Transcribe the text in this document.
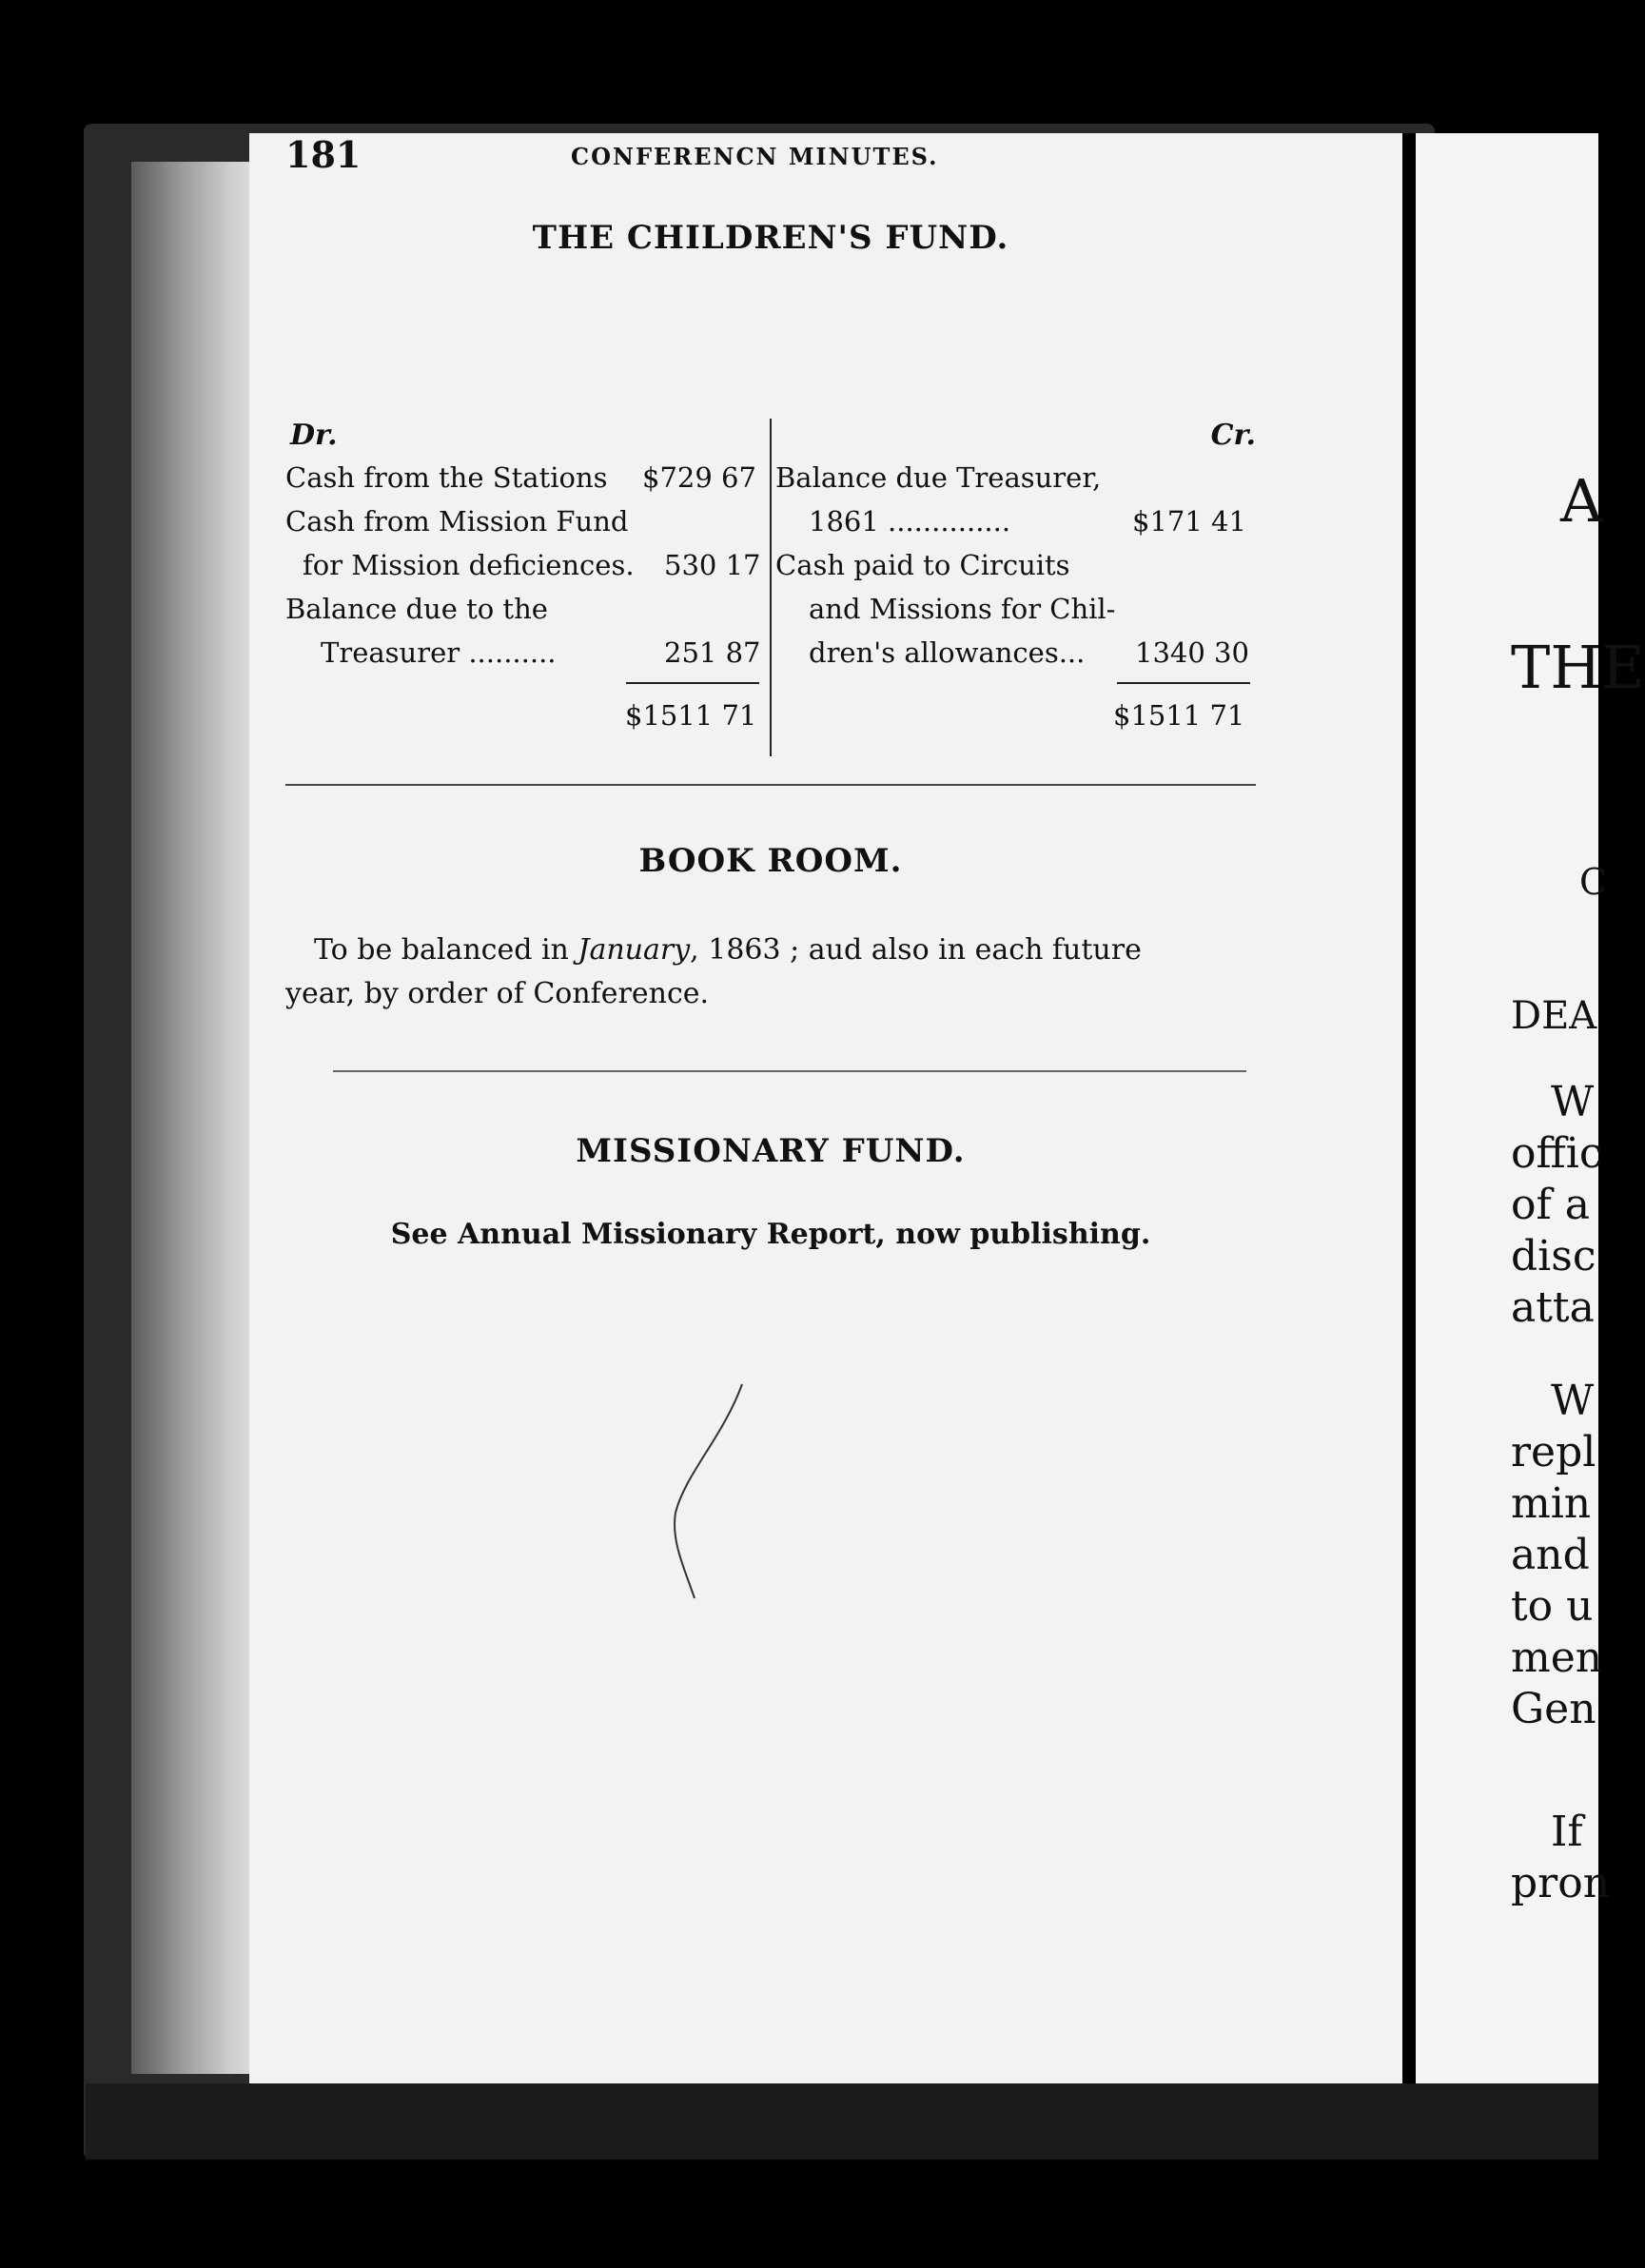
181	CONFERENCN MINUTES.
THE CHILDREN'S FUND.
Dr.	Cr.
Cash from the Stations $729 67
Cash from Mission Fund
for Mission deficiences. 530 17
Balance due to the
Treasurer ..........	251 87
$1511 71
Balance due Treasurer,
1861 ..............	$171 41
Cash paid to Circuits
and Missions for Chil-
dren's allowances... 1340 30
$1511 71
BOOK ROOM.
To be balanced in January, 1863 ; aud also in each future
year, by order of Conference.
MISSIONARY FUND.
See Annual Missionary Report, now publishing.
A
THE
C
DEA
W
offic
of a
disc
atta
W
repl
min
and
to u
men
Gen
If
pron
